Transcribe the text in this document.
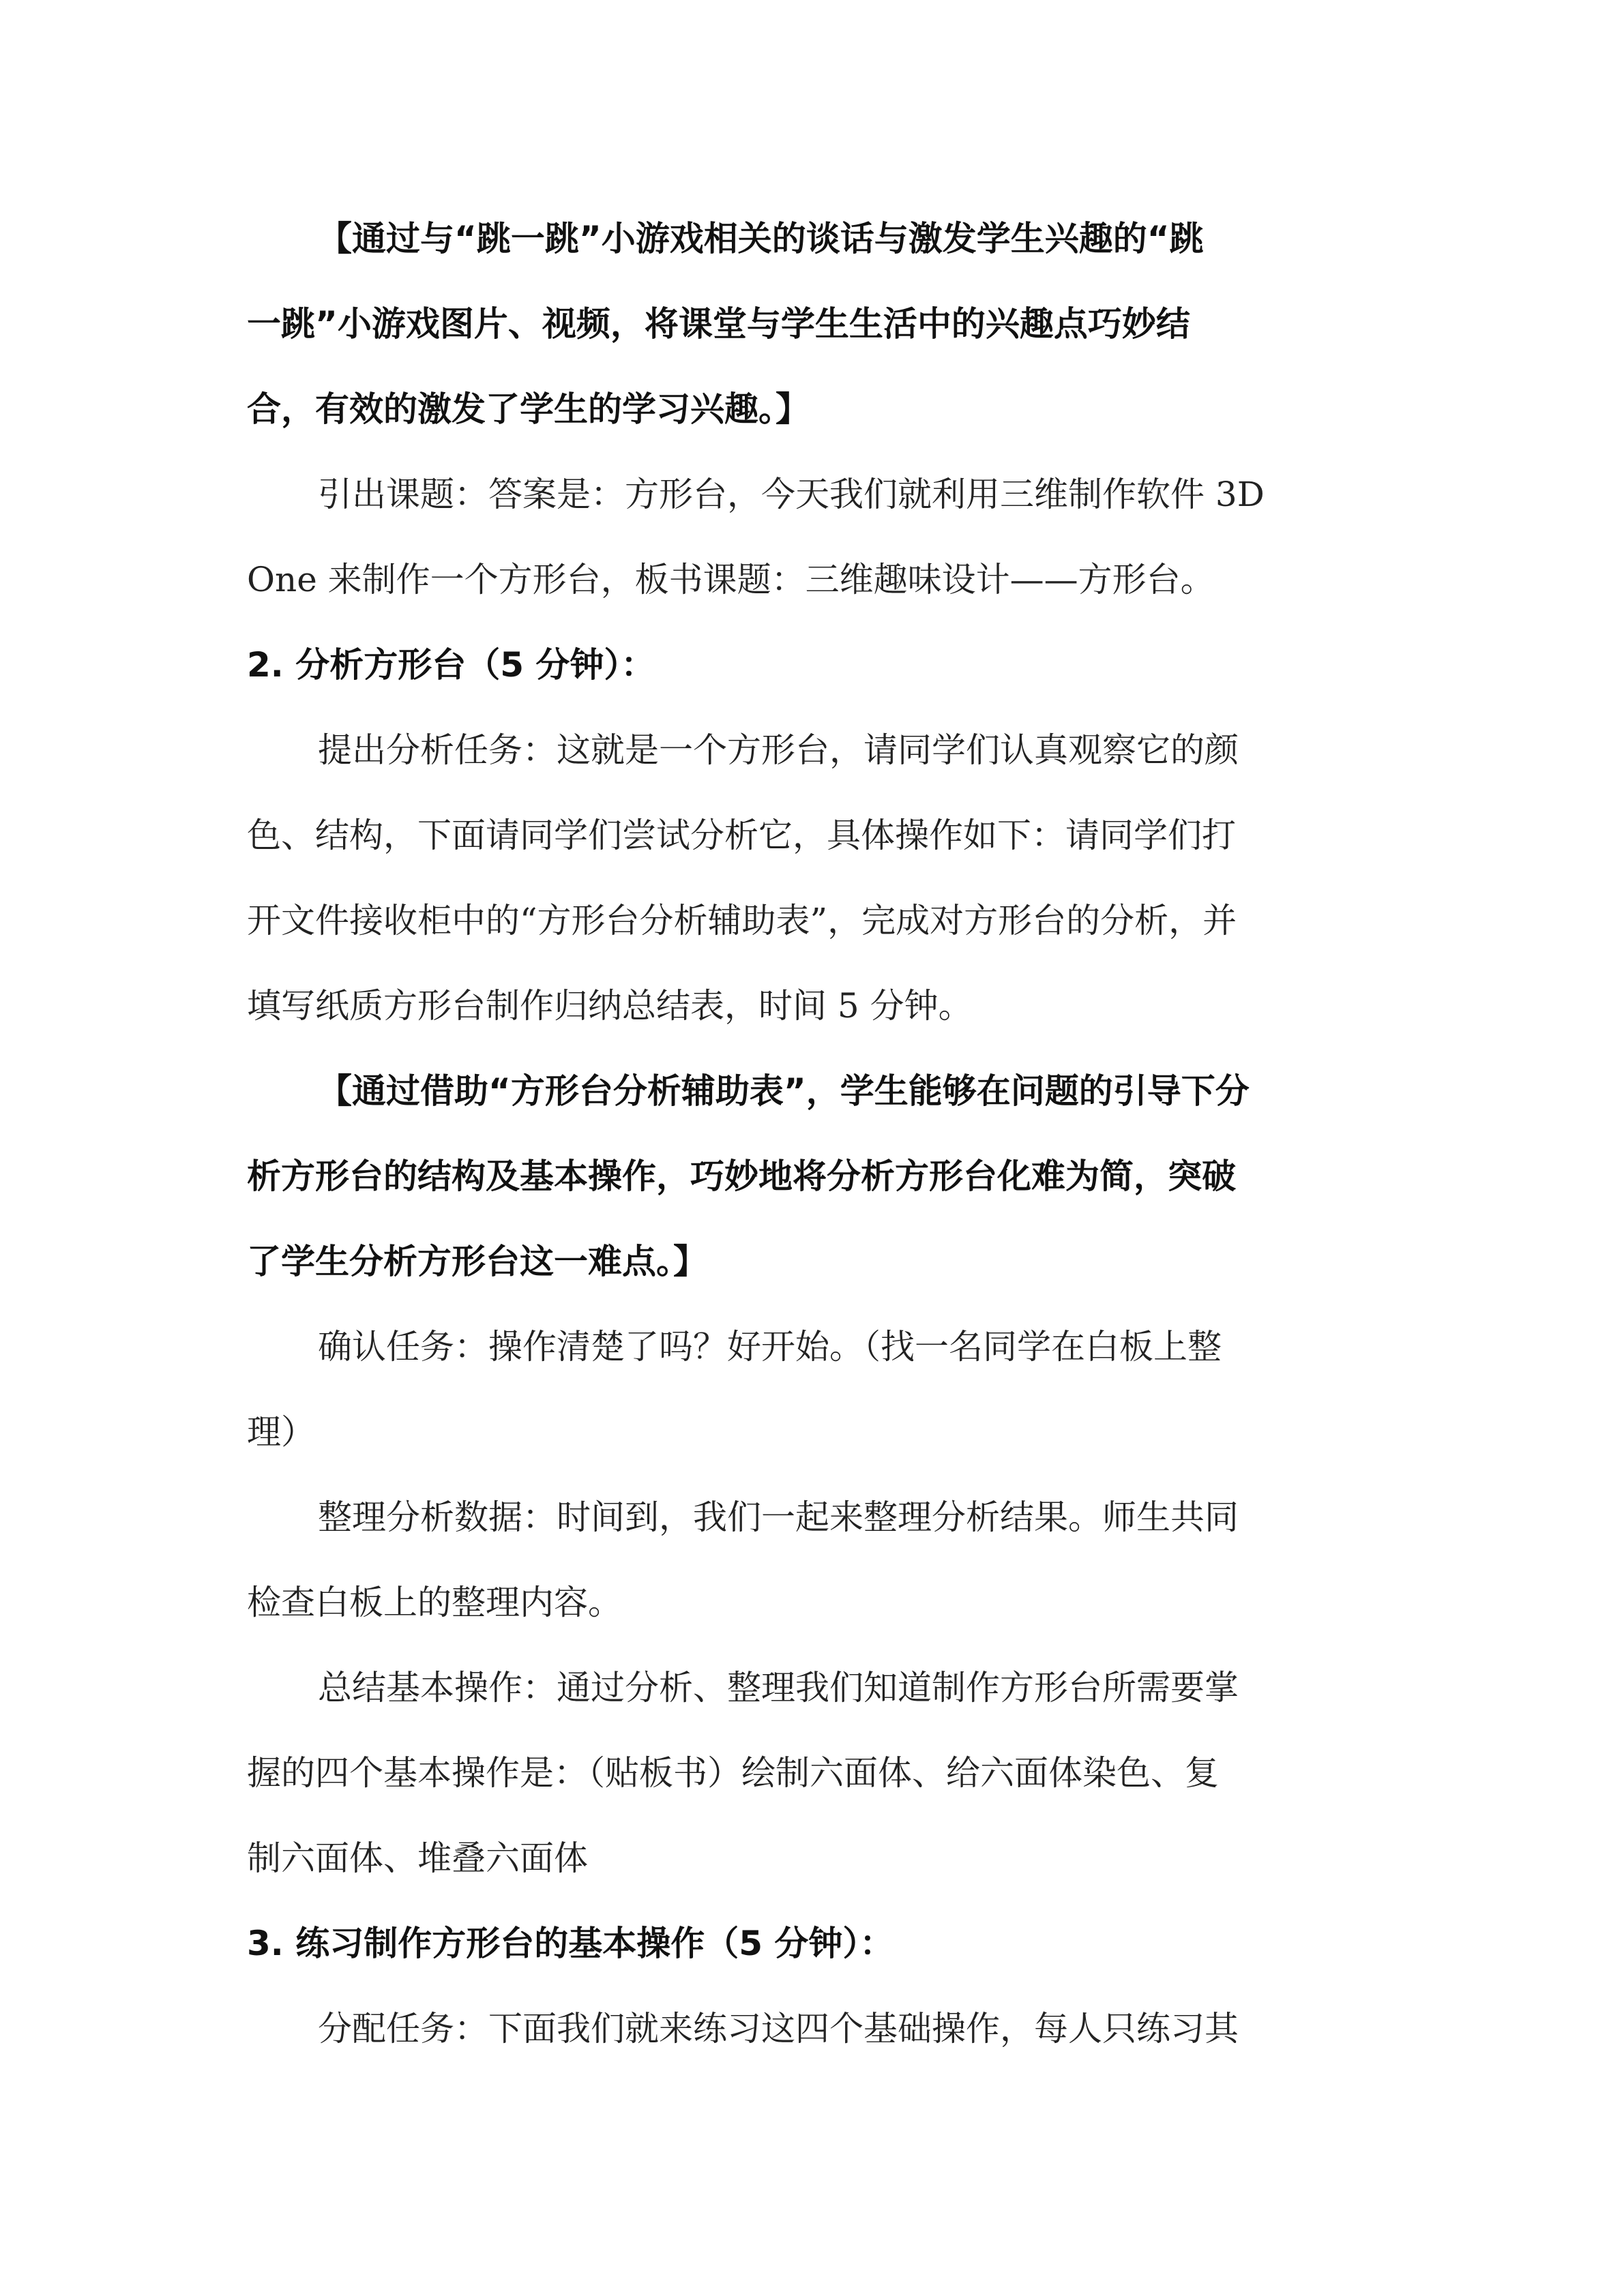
【通过与“跳一跳”小游戏相关的谈话与激发学生兴趣的“跳
一跳”小游戏图片、视频，将课堂与学生生活中的兴趣点巧妙结
合，有效的激发了学生的学习兴趣。】
引出课题：答案是：方形台，今天我们就利用三维制作软件 3D
One 来制作一个方形台，板书课题：三维趣味设计——方形台。
2. 分析方形台（5 分钟）：
提出分析任务：这就是一个方形台，请同学们认真观察它的颜
色、结构，下面请同学们尝试分析它，具体操作如下：请同学们打
开文件接收柜中的“方形台分析辅助表”，完成对方形台的分析，并
填写纸质方形台制作归纳总结表，时间 5 分钟。
【通过借助“方形台分析辅助表”，学生能够在问题的引导下分
析方形台的结构及基本操作，巧妙地将分析方形台化难为简，突破
了学生分析方形台这一难点。】
确认任务：操作清楚了吗？好开始。（找一名同学在白板上整
理）
整理分析数据：时间到，我们一起来整理分析结果。师生共同
检查白板上的整理内容。
总结基本操作：通过分析、整理我们知道制作方形台所需要掌
握的四个基本操作是：（贴板书）绘制六面体、给六面体染色、复
制六面体、堆叠六面体
3. 练习制作方形台的基本操作（5 分钟）：
分配任务：下面我们就来练习这四个基础操作，每人只练习其
